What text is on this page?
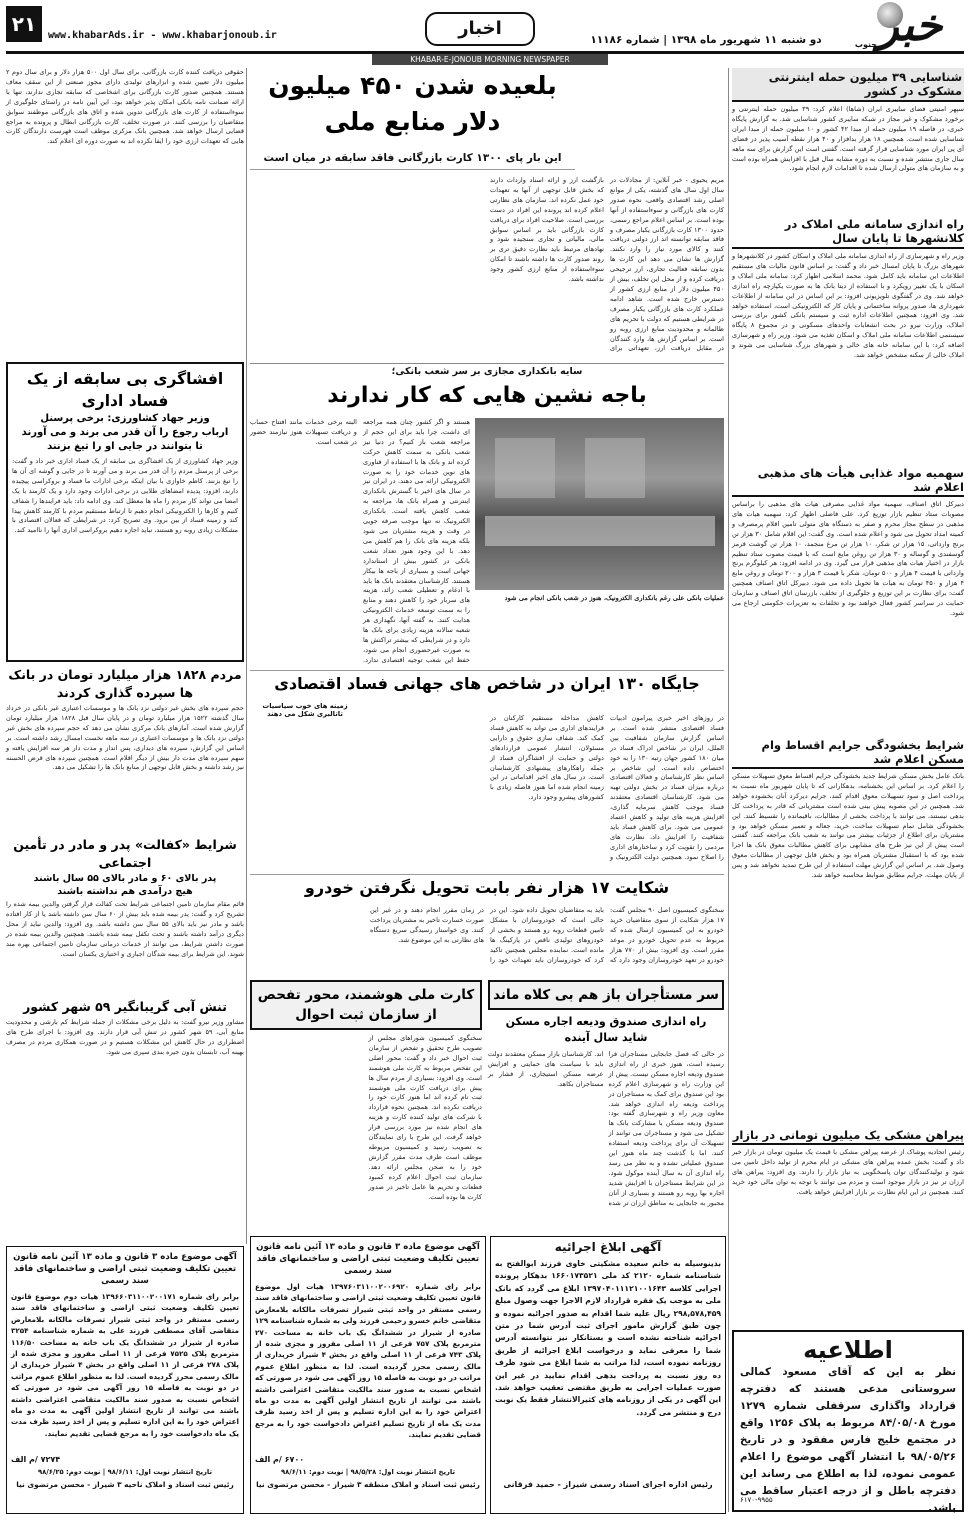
۲۱	www.khabarAds.ir - www.khabarjonoub.ir	اخبار
دو شنبه ۱۱ شهریور ماه ۱۳۹۸ | شماره ۱۱۱۸۶	خبر
جنوب
KHABAR-E-JONOUB MORNING NEWSPAPER
شناسایی ۳۹ میلیون حمله اینترنتی مشکوک در کشور
سپهر امنیتی فضای سایبری ایران (شاها) اعلام کرد: ۳۹ میلیون حمله اینترنتی و برخورد مشکوک و غیر مجاز در شبکه سایبری کشور شناسایی شد. به گزارش پایگاه خبری، در فاصله ۱۹ میلیون حمله از مبدا ۴۲ کشور و ۱۰ میلیون حمله از مبدا ایران شناسایی شده است. همچنین ۱۸ هزار بدافزار و ۴۰ هزار نقطه آسیب پذیر در فضای آی پی ایران مورد شناسایی قرار گرفته است. گفتنی است این گزارش برای سه ماهه سال جاری منتشر شده و نسبت به دوره مشابه سال قبل با افزایش همراه بوده است و به سازمان های متولی ارسال شده تا اقدامات لازم انجام شود.
راه اندازی سامانه ملی املاک در کلانشهرها تا پایان سال
وزیر راه و شهرسازی از راه اندازی سامانه ملی املاک و اسکان کشور در کلانشهرها و شهرهای بزرگ تا پایان امسال خبر داد و گفت: بر اساس قانون مالیات های مستقیم اطلاعات این سامانه باید کامل شود. محمد اسلامی اظهار کرد: سامانه ملی املاک و اسکان با یک تغییر رویکرد و با استفاده از دیتا بانک ها به صورت یکپارچه راه اندازی خواهد شد. وی در گفتگوی تلویزیونی افزود: بر این اساس در این سامانه از اطلاعات شهرداری ها، صدور پروانه ساختمانی و پایان کار که الکترونیکی است، استفاده خواهد شد. وی افزود: همچنین اطلاعات اداره ثبت و سیستم بانکی کشور برای بررسی املاک، وزارت نیرو در بحث انشعابات واحدهای مسکونی و در مجموع ۸ پایگاه سیستمی اطلاعات سامانه ملی املاک و اسکان تغذیه می شود. وزیر راه و شهرسازی اضافه کرد: با این سامانه خانه های خالی و شهرهای بزرگ شناسایی می شوند و املاک خالی از سکنه مشخص خواهد شد.
سهمیه مواد غذایی هیأت های مذهبی اعلام شد
دبیرکل اتاق اصناف، سهمیه مواد غذایی مصرفی هیات های مذهبی را براساس مصوبات ستاد تنظیم بازار توزیع کرد. علی فاضلی اظهار کرد: سهمیه هیات های مذهبی در سطح مجاز محرم و صفر به دستگاه های متولی تامین اقلام پرمصرف و کمیته امداد تحویل می شود و اعلام شده است. وی گفت: این اقلام شامل ۳۰ هزار تن برنج وارداتی، ۱۵ هزار تن شکر، ۱۰ هزار تن مرغ منجمد، ۱۰ هزار تن گوشت قرمز گوسفندی و گوساله و ۳۰ هزار تن روغن مایع است که با قیمت مصوب ستاد تنظیم بازار در اختیار هیات های مذهبی قرار می گیرد. وی در ادامه افزود: هر کیلوگرم برنج وارداتی با قیمت ۴ هزار و ۵۰۰ تومان، شکر با قیمت ۳ هزار و ۲۰۰ تومان و روغن مایع ۴ هزار و ۴۵۰ تومان به هیات ها تحویل داده می شود. دبیرکل اتاق اصناف همچنین گفت: برای نظارت بر این توزیع و جلوگیری از تخلف، بازرسان اتاق اصناف و سازمان حمایت در سراسر کشور فعال خواهند بود و تخلفات به تعزیرات حکومتی ارجاع می شود.
شرایط بخشودگی جرایم اقساط وام مسکن اعلام شد
بانک عامل بخش مسکن شرایط جدید بخشودگی جرایم اقساط معوق تسهیلات مسکن را اعلام کرد. بر اساس این بخشنامه، بدهکارانی که تا پایان شهریور ماه نسبت به پرداخت اصل و سود تسهیلات معوق اقدام کنند، جرایم دیرکرد آنان بخشوده خواهد شد. همچنین در این مصوبه پیش بینی شده است مشتریانی که قادر به پرداخت کل بدهی نیستند، می توانند با پرداخت بخشی از مطالبات، باقیمانده را تقسیط کنند. این بخشودگی شامل تمام تسهیلات ساخت، خرید، جعاله و تعمیر مسکن خواهد بود و مشتریان برای اطلاع از جزئیات بیشتر می توانند به شعب بانک مراجعه کنند. گفتنی است پیش از این نیز طرح های مشابهی برای کاهش مطالبات معوق بانک ها اجرا شده بود که با استقبال مشتریان همراه بود و بخش قابل توجهی از مطالبات معوق وصول شد. بر اساس این گزارش مهلت استفاده از این طرح تمدید نخواهد شد و پس از پایان مهلت، جرایم مطابق ضوابط محاسبه خواهد شد.
پیراهن مشکی یک میلیون تومانی در بازار
رئیس اتحادیه پوشاک از عرضه پیراهن مشکی با قیمت یک میلیون تومان در بازار خبر داد و گفت: بخش عمده پیراهن های مشکی در ایام محرم از تولید داخل تامین می شود و تولیدکنندگان توان پاسخگویی به نیاز بازار را دارند. وی افزود: پیراهن های ارزان تر نیز در بازار موجود است و مردم می توانند با توجه به توان مالی خود خرید کنند. همچنین در این ایام نظارت بر بازار افزایش خواهد یافت.
اطلاعیه
نظر به این که آقای مسعود کمالی سروستانی مدعی هستند که دفترچه قرارداد واگذاری سرقفلی شماره ۱۲۷۹ مورخ ۸۴/۰۵/۰۸ مربوط به پلاک ۱۲۵۶ واقع در مجتمع خلیج فارس مفقود و در تاریخ ۹۸/۰۵/۲۶ با انتشار آگهی موضوع را اعلام عمومی نموده، لذا به اطلاع می رساند این دفترچه باطل و از درجه اعتبار ساقط می باشد.
۶۱۷۰-۹۹۵۵
بلعیده شدن ۴۵۰ میلیون دلار منابع ملی
این بار پای ۱۳۰۰ کارت بازرگانی فاقد سابقه در میان است
مریم یحیوی - خبر آنلاین: از مجادلات در سال اول سال های گذشته، یکی از موانع اصلی رشد اقتصادی واقعی، نحوه صدور کارت های بازرگانی و سوءاستفاده از آنها بوده است. بر اساس اعلام مراجع رسمی، حدود ۱۳۰۰ کارت بازرگانی یکبار مصرف و فاقد سابقه توانسته اند ارز دولتی دریافت کنند و کالای مورد نیاز را وارد نکنند. گزارش ها نشان می دهد این کارت ها بدون سابقه فعالیت تجاری، ارز ترجیحی دریافت کرده و از محل این تخلف، بیش از ۴۵۰ میلیون دلار از منابع ارزی کشور از دسترس خارج شده است. شاهد ادامه عملکرد کارت های بازرگانی یکبار مصرف در شرایطی هستیم که دولت با تحریم های ظالمانه و محدودیت منابع ارزی روبه رو است. بر اساس گزارش ها، وارد کنندگان در مقابل دریافت ارز، تعهداتی برای بازگشت ارز و ارائه اسناد واردات دارند که بخش قابل توجهی از آنها به تعهدات خود عمل نکرده اند. سازمان های نظارتی اعلام کرده اند پرونده این افراد در دست بررسی است. صلاحیت افراد برای دریافت کارت بازرگانی باید بر اساس سوابق مالی، مالیاتی و تجاری سنجیده شود و نهادهای مرتبط باید نظارت دقیق تری بر روند صدور کارت ها داشته باشند تا امکان سوءاستفاده از منابع ارزی کشور وجود نداشته باشد.
سایه بانکداری مجازی بر سر شعب بانکی؛
باجه نشین هایی که کار ندارند
عملیات بانکی علی رغم بانکداری الکترونیک، هنوز در شعب بانکی انجام می شود
هستند و اگر کشور چنان همه مراجعه ای داشت، چرا باید برای این حجم از مراجعه شعب باز کنیم؟ در دنیا نیز شعب بانکی به سمت کاهش حرکت کرده اند و بانک ها با استفاده از فناوری های نوین خدمات خود را به صورت الکترونیکی ارائه می دهند. در ایران نیز در سال های اخیر با گسترش بانکداری اینترنتی و همراه بانک ها، مراجعه به شعب کاهش یافته است. بانکداری الکترونیک نه تنها موجب صرفه جویی در وقت و هزینه مشتریان می شود بلکه هزینه های بانک را هم کاهش می دهد. با این وجود هنوز تعداد شعب بانکی در کشور بیش از استاندارد جهانی است و بسیاری از باجه ها بیکار هستند. کارشناسان معتقدند بانک ها باید با ادغام و تعطیلی شعب زائد، هزینه های سربار خود را کاهش دهند و منابع را به سمت توسعه خدمات الکترونیکی هدایت کنند. به گفته آنها، نگهداری هر شعبه سالانه هزینه زیادی برای بانک ها دارد و در شرایطی که بیشتر تراکنش ها به صورت غیرحضوری انجام می شود، حفظ این شعب توجیه اقتصادی ندارد. البته برخی خدمات مانند افتتاح حساب و دریافت تسهیلات هنوز نیازمند حضور در شعب است.
جایگاه ۱۳۰ ایران در شاخص های جهانی فساد اقتصادی
زمینه های خوب سیاسیات تاتالبری شکل می دهند	در روزهای اخیر خبری پیرامون ادبیات فساد اقتصادی منتشر شده است. بر اساس گزارش سازمان شفافیت بین الملل، ایران در شاخص ادراک فساد در میان ۱۸۰ کشور جهان رتبه ۱۳۰ را به خود اختصاص داده است. این شاخص بر اساس نظر کارشناسان و فعالان اقتصادی درباره میزان فساد در بخش دولتی تهیه می شود. کارشناسان اقتصادی معتقدند فساد موجب کاهش سرمایه گذاری، افزایش هزینه های تولید و کاهش اعتماد عمومی می شود. برای کاهش فساد باید شفافیت را افزایش داد، نظارت های مردمی را تقویت کرد و ساختارهای اداری را اصلاح نمود. همچنین دولت الکترونیک و کاهش مداخله مستقیم کارکنان در فرایندهای اداری می تواند به کاهش فساد کمک کند. شفاف سازی حقوق و دارایی مسئولان، انتشار عمومی قراردادهای دولتی و حمایت از افشاگران فساد از جمله راهکارهای پیشنهادی کارشناسان است. در سال های اخیر اقداماتی در این زمینه انجام شده اما هنوز فاصله زیادی با کشورهای پیشرو وجود دارد.
شکایت ۱۷ هزار نفر بابت تحویل نگرفتن خودرو
سخنگوی کمیسیون اصل ۹۰ مجلس گفت: ۱۷ هزار شکایت از سوی متقاضیان خرید خودرو به این کمیسیون ارسال شده که مربوط به عدم تحویل خودرو در موعد مقرر است. وی افزود: بیش از ۷۷۰ هزار خودرو در تعهد خودروسازان وجود دارد که باید به متقاضیان تحویل داده شود. این در حالی است که خودروسازان با مشکل تامین قطعات روبه رو هستند و بخشی از خودروهای تولیدی ناقص در پارکینگ ها مانده است. نماینده مجلس همچنین تاکید کرد که خودروسازان باید تعهدات خود را در زمان مقرر انجام دهند و در غیر این صورت خسارت تاخیر به مشتریان پرداخت کنند. وی خواستار رسیدگی سریع دستگاه های نظارتی به این موضوع شد.
سر مستأجران باز هم بی کلاه ماند
راه اندازی صندوق ودیعه اجاره مسکن
شاید سال آینده
در حالی که فصل جابجایی مستاجران فرا رسیده است، هنوز خبری از راه اندازی صندوق ودیعه اجاره مسکن نیست. پیش از این وزارت راه و شهرسازی اعلام کرده بود این صندوق برای کمک به مستاجران در پرداخت ودیعه راه اندازی خواهد شد. معاون وزیر راه و شهرسازی گفته بود: صندوق ودیعه مسکن با مشارکت بانک ها تشکیل می شود و مستاجران می توانند از تسهیلات آن برای پرداخت ودیعه استفاده کنند. اما با گذشت چند ماه هنوز این صندوق عملیاتی نشده و به نظر می رسد راه اندازی آن به سال آینده موکول شود. در این شرایط مستاجران با افزایش شدید اجاره بها روبه رو هستند و بسیاری از آنان مجبور به جابجایی به مناطق ارزان تر شده اند. کارشناسان بازار مسکن معتقدند دولت باید با سیاست های حمایتی و افزایش عرضه مسکن استیجاری، از فشار بر مستاجران بکاهد.
کارت ملی هوشمند، محور تفحص از سازمان ثبت احوال
سخنگوی کمیسیون شوراهای مجلس از تصویب طرح تحقیق و تفحص از سازمان ثبت احوال خبر داد و گفت: محور اصلی این تفحص مربوط به کارت ملی هوشمند است. وی افزود: بسیاری از مردم سال ها پیش برای دریافت کارت ملی هوشمند ثبت نام کرده اند اما هنوز کارت خود را دریافت نکرده اند. همچنین نحوه قرارداد با شرکت های تولید کننده کارت و هزینه های انجام شده نیز مورد بررسی قرار خواهد گرفت. این طرح با رای نمایندگان به تصویب رسید و کمیسیون مربوطه موظف است ظرف مدت مقرر گزارش خود را به صحن مجلس ارائه دهد. سازمان ثبت احوال اعلام کرده کمبود قطعات و تحریم ها عامل تاخیر در صدور کارت ها بوده است.
حقوقی دریافت کننده کارت بازرگانی، برای سال اول ۵۰۰ هزار دلار و برای سال دوم ۲ میلیون دلار تعیین شده و ابزارهای تولیدی دارای مجوز صنعتی از این سقف معاف هستند. همچنین صدور کارت بازرگانی برای اشخاصی که سابقه تجاری ندارند، تنها با ارائه ضمانت نامه بانکی امکان پذیر خواهد بود. این آیین نامه در راستای جلوگیری از سوءاستفاده از کارت های بازرگانی تدوین شده و اتاق های بازرگانی موظفند سوابق متقاضیان را بررسی کنند. در صورت تخلف، کارت بازرگانی ابطال و پرونده به مراجع قضایی ارسال خواهد شد. همچنین بانک مرکزی موظف است فهرست دارندگان کارت هایی که تعهدات ارزی خود را ایفا نکرده اند به صورت دوره ای اعلام کند.
افشاگری بی سابقه از یک فساد اداری
وزیر جهاد کشاورزی: برخی پرسنل
ارباب رجوع را آن قدر می برند و می آورند
تا بتوانند در جایی او را تیغ بزنند
وزیر جهاد کشاورزی از یک افشاگری بی سابقه از یک فساد اداری خبر داد و گفت: برخی از پرسنل مردم را آن قدر می برند و می آورند تا در جایی و گوشه ای آن ها را تیغ بزنند. کاظم خاوازی با بیان اینکه برخی ادارات ما فساد و بروکراسی پیچیده دارند، افزود: پدیده امضاهای طلایی در برخی ادارات وجود دارد و یک کارمند با یک امضا می تواند کار مردم را ماه ها معطل کند. وی ادامه داد: باید فرایندها را شفاف کنیم و کارها را الکترونیکی انجام دهیم تا ارتباط مستقیم مردم با کارمند کاهش پیدا کند و زمینه فساد از بین برود. وی تصریح کرد: در شرایطی که فعالان اقتصادی با مشکلات زیادی روبه رو هستند، نباید اجازه دهیم بروکراسی اداری آنها را ناامید کند.
مردم ۱۸۲۸ هزار میلیارد تومان در بانک ها سپرده گذاری کردند
حجم سپرده های بخش غیر دولتی نزد بانک ها و موسسات اعتباری غیر بانکی در خرداد سال گذشته ۱۵۲۲ هزار میلیارد تومان و در پایان سال قبل ۱۸۲۸ هزار میلیارد تومان گزارش شده است. آمارهای بانک مرکزی نشان می دهد که حجم سپرده های بخش غیر دولتی نزد بانک ها و موسسات اعتباری در سه ماهه نخست امسال رشد داشته است. بر اساس این گزارش، سپرده های دیداری، پس انداز و مدت دار هر سه افزایش یافته و سهم سپرده های مدت دار بیش از دیگر اقلام است. همچنین سپرده های قرض الحسنه نیز رشد داشته و بخش قابل توجهی از منابع بانک ها را تشکیل می دهد.
شرایط «کفالت» پدر و مادر در تأمین اجتماعی
پدر بالای ۶۰ و مادر بالای ۵۵ سال باشند
هیچ درآمدی هم نداشته باشند
قائم مقام سازمان تامین اجتماعی شرایط تحت کفالت قرار گرفتن والدین بیمه شده را تشریح کرد و گفت: پدر بیمه شده باید بیش از ۶۰ سال سن داشته باشد یا از کار افتاده باشد و مادر نیز باید بالای ۵۵ سال سن داشته باشد. وی افزود: والدین نباید از محل دیگری درآمد داشته باشند و تحت تکفل بیمه شده باشند. همچنین والدین بیمه شده در صورت داشتن شرایط، می توانند از خدمات درمانی سازمان تامین اجتماعی بهره مند شوند. این شرایط برای بیمه شدگان اجباری و اختیاری یکسان است.
تنش آبی گریبانگیر ۵۹ شهر کشور
مشاور وزیر نیرو گفت: به دلیل برخی مشکلات از جمله شرایط کم بارشی و محدودیت منابع آبی، ۵۹ شهر کشور در تنش آبی قرار دارند. وی افزود: با اجرای طرح های اضطراری در حال کاهش این مشکلات هستیم و در صورت همکاری مردم در مصرف بهینه آب، تابستان بدون جیره بندی سپری می شود.
آگهی ابلاغ اجرائیه
بدینوسیله به خانم سعیده مشکیتی خاوی فرزند ابوالفتح به شناسنامه شماره ۲۱۲۰ کد ملی ۱۶۶۰۱۷۳۵۲۱ بدهکار پرونده اجرایی کلاسه ۱۳۹۷۰۴۰۱۱۱۲۱۰۰۱۶۴۳ ابلاغ می گردد که بانک ملی به موجب یک فقره قرارداد لازم الاجرا جهت وصول مبلغ ۲۹۸,۵۷۸,۴۵۹ ریال علیه شما اقدام به صدور اجرائیه نموده و چون طبق گزارش مامور اجرای ثبت آدرس شما در متن اجرائیه شناخته نشده است و بستانکار نیز نتوانسته آدرس شما را معرفی نماید و درخواست ابلاغ اجرائیه از طریق روزنامه نموده است، لذا مراتب به شما ابلاغ می شود ظرف ده روز نسبت به پرداخت بدهی اقدام نمایید در غیر این صورت عملیات اجرایی به طریق مقتضی تعقیب خواهد شد. این آگهی در یکی از روزنامه های کثیرالانتشار فقط یک نوبت درج و منتشر می گردد.
رئیس اداره اجرای اسناد رسمی شیراز - حمید فرقانی
آگهی موضوع ماده ۳ قانون و ماده ۱۳ آئین نامه قانون تعیین تکلیف وضعیت ثبتی اراضی و ساختمانهای فاقد سند رسمی
برابر رای شماره ۱۳۹۷۶۰۳۱۱۰۰۲۰۰۶۹۲۰ هیات اول موضوع قانون تعیین تکلیف وضعیت ثبتی اراضی و ساختمانهای فاقد سند رسمی مستقر در واحد ثبتی شیراز تصرفات مالکانه بلامعارض متقاضی خانم خسرو رحیمی فرزند ولی به شماره شناسنامه ۱۲۹ صادره از شیراز در ششدانگ یک باب خانه به مساحت ۲۷۰ مترمربع پلاک ۷۵۷ فرعی از ۱۱ اصلی مفروز و مجزی شده از پلاک ۷۴۳ فرعی از ۱۱ اصلی واقع در بخش ۴ شیراز خریداری از مالک رسمی محرز گردیده است. لذا به منظور اطلاع عموم مراتب در دو نوبت به فاصله ۱۵ روز آگهی می شود در صورتی که اشخاص نسبت به صدور سند مالکیت متقاضی اعتراضی داشته باشند می توانند از تاریخ انتشار اولین آگهی به مدت دو ماه اعتراض خود را به این اداره تسلیم و پس از اخذ رسید ظرف مدت یک ماه از تاریخ تسلیم اعتراض دادخواست خود را به مرجع قضایی تقدیم نمایند.
۶۷۰۰ /م الف
تاریخ انتشار نوبت اول: ۹۸/۵/۲۸ | نوبت دوم: ۹۸/۶/۱۱
رئیس ثبت اسناد و املاک منطقه ۳ شیراز - محسن مرتضوی نیا
آگهی موضوع ماده ۳ قانون و ماده ۱۳ آئین نامه قانون تعیین تکلیف وضعیت ثبتی اراضی و ساختمانهای فاقد سند رسمی
برابر رای شماره ۱۳۹۶۶۰۳۱۱۰۰۲۰۰۱۷۱ هیات دوم موضوع قانون تعیین تکلیف وضعیت ثبتی اراضی و ساختمانهای فاقد سند رسمی مستقر در واحد ثبتی شیراز تصرفات مالکانه بلامعارض متقاضی آقای مصطفی فرزند علی به شماره شناسنامه ۳۲۵۴ صادره از شیراز در ششدانگ یک باب خانه به مساحت ۱۱۶/۵۰ مترمربع پلاک ۷۵۲۵ فرعی از ۱۱ اصلی مفروز و مجزی شده از پلاک ۲۷۸ فرعی از ۱۱ اصلی واقع در بخش ۴ شیراز خریداری از مالک رسمی محرز گردیده است. لذا به منظور اطلاع عموم مراتب در دو نوبت به فاصله ۱۵ روز آگهی می شود در صورتی که اشخاص نسبت به صدور سند مالکیت متقاضی اعتراضی داشته باشند می توانند از تاریخ انتشار اولین آگهی به مدت دو ماه اعتراض خود را به این اداره تسلیم و پس از اخذ رسید ظرف مدت یک ماه دادخواست خود را به مرجع قضایی تقدیم نمایند.
۷۲۷۴ /م الف
تاریخ انتشار نوبت اول: ۹۸/۶/۱۱ | نوبت دوم: ۹۸/۶/۲۵
رئیس ثبت اسناد و املاک ناحیه ۳ شیراز - محسن مرتضوی نیا
